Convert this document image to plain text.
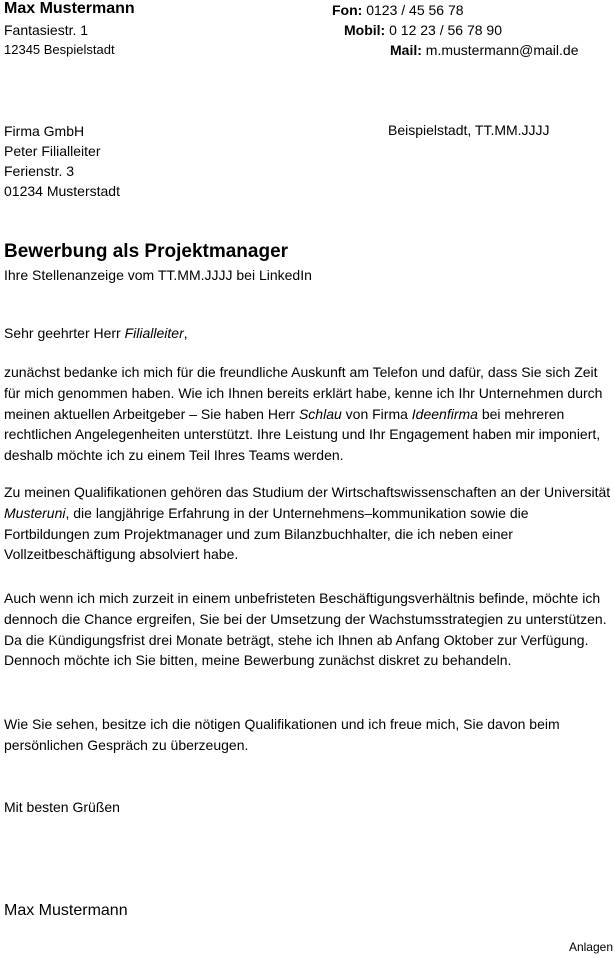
Max Mustermann
Fantasiestr. 1
12345 Bespielstadt
Fon: 0123 / 45 56 78
Mobil: 0 12 23 / 56 78 90
Mail: m.mustermann@mail.de
Firma GmbH
Peter Filialleiter
Ferienstr. 3
01234 Musterstadt
Beispielstadt, TT.MM.JJJJ
Bewerbung als Projektmanager
Ihre Stellenanzeige vom TT.MM.JJJJ bei LinkedIn
Sehr geehrter Herr Filialleiter,

zunächst bedanke ich mich für die freundliche Auskunft am Telefon und dafür, dass Sie sich Zeit für mich genommen haben. Wie ich Ihnen bereits erklärt habe, kenne ich Ihr Unternehmen durch meinen aktuellen Arbeitgeber – Sie haben Herr Schlau von Firma Ideenfirma bei mehreren rechtlichen Angelegenheiten unterstützt. Ihre Leistung und Ihr Engagement haben mir imponiert, deshalb möchte ich zu einem Teil Ihres Teams werden.

Zu meinen Qualifikationen gehören das Studium der Wirtschaftswissenschaften an der Universität Musteruni, die langjährige Erfahrung in der Unternehmens–kommunikation sowie die Fortbildungen zum Projektmanager und zum Bilanzbuchhalter, die ich neben einer Vollzeitbeschäftigung absolviert habe.

Auch wenn ich mich zurzeit in einem unbefristeten Beschäftigungsverhältnis befinde, möchte ich dennoch die Chance ergreifen, Sie bei der Umsetzung der Wachstumsstrategien zu unterstützen. Da die Kündigungsfrist drei Monate beträgt, stehe ich Ihnen ab Anfang Oktober zur Verfügung. Dennoch möchte ich Sie bitten, meine Bewerbung zunächst diskret zu behandeln.

Wie Sie sehen, besitze ich die nötigen Qualifikationen und ich freue mich, Sie davon beim persönlichen Gespräch zu überzeugen.

Mit besten Grüßen
Max Mustermann
Anlagen
